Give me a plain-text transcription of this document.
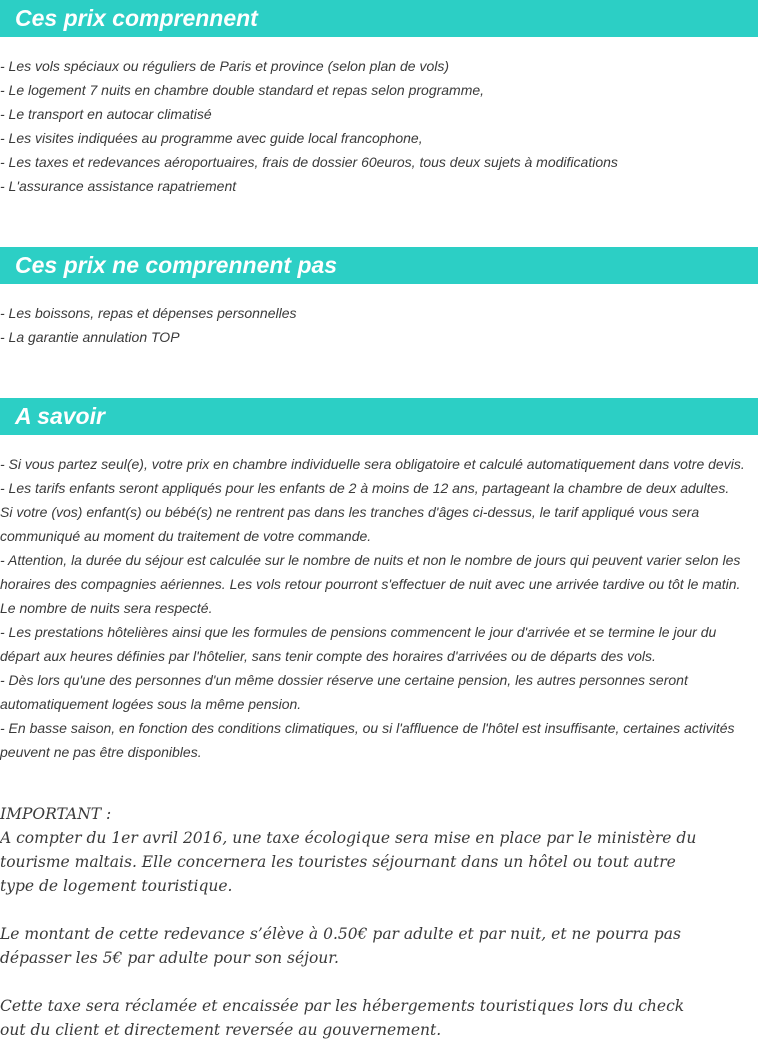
Ces prix comprennent
- Les vols spéciaux ou réguliers de Paris et province (selon plan de vols)
- Le logement 7 nuits en chambre double standard et repas selon programme,
- Le transport en autocar climatisé
- Les visites indiquées au programme avec guide local francophone,
- Les taxes et redevances aéroportuaires, frais de dossier 60euros, tous deux sujets à modifications
- L'assurance assistance rapatriement
Ces prix ne comprennent pas
- Les boissons, repas et dépenses personnelles
- La garantie annulation TOP
A savoir

- Si vous partez seul(e), votre prix en chambre individuelle sera obligatoire et calculé automatiquement dans votre devis.

- Les tarifs enfants seront appliqués pour les enfants de 2 à moins de 12 ans, partageant la chambre de deux adultes.

Si votre (vos) enfant(s) ou bébé(s) ne rentrent pas dans les tranches d'âges ci-dessus, le tarif appliqué vous sera

communiqué au moment du traitement de votre commande.

- Attention, la durée du séjour est calculée sur le nombre de nuits et non le nombre de jours qui peuvent varier selon les

horaires des compagnies aériennes. Les vols retour pourront s'effectuer de nuit avec une arrivée tardive ou tôt le matin.

Le nombre de nuits sera respecté.

- Les prestations hôtelières ainsi que les formules de pensions commencent le jour d'arrivée et se termine le jour du

départ aux heures définies par l'hôtelier, sans tenir compte des horaires d'arrivées ou de départs des vols.

- Dès lors qu'une des personnes d'un même dossier réserve une certaine pension, les autres personnes seront

automatiquement logées sous la même pension.

- En basse saison, en fonction des conditions climatiques, ou si l'affluence de l'hôtel est insuffisante, certaines activités

peuvent ne pas être disponibles.

IMPORTANT :

A compter du 1er avril 2016, une taxe écologique sera mise en place par le ministère du

tourisme maltais. Elle concernera les touristes séjournant dans un hôtel ou tout autre

type de logement touristique.

Le montant de cette redevance s’élève à 0.50€ par adulte et par nuit, et ne pourra pas

dépasser les 5€ par adulte pour son séjour.

Cette taxe sera réclamée et encaissée par les hébergements touristiques lors du check

out du client et directement reversée au gouvernement.
